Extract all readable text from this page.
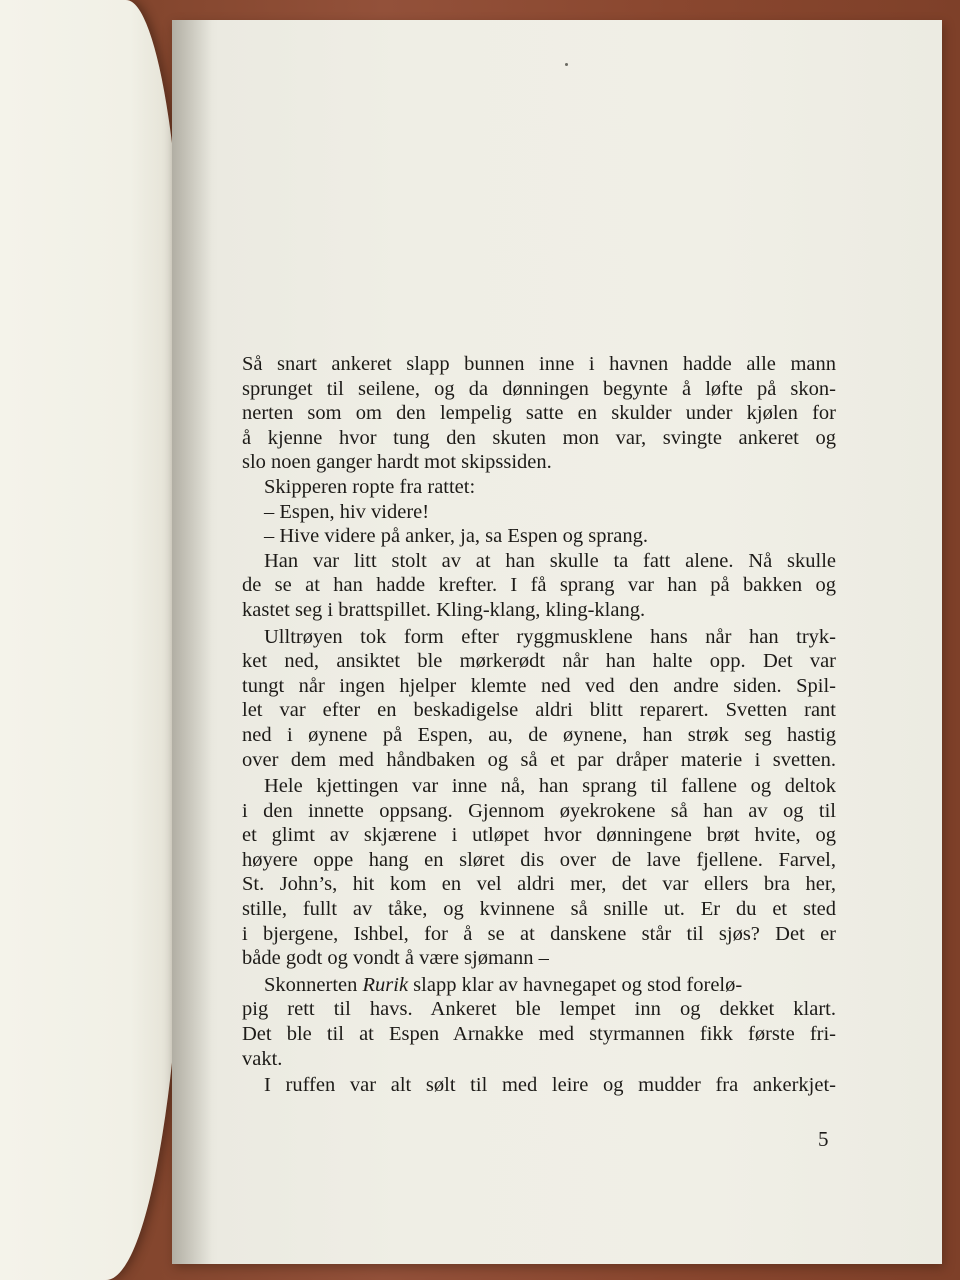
Så snart ankeret slapp bunnen inne i havnen hadde alle mann
sprunget til seilene, og da dønningen begynte å løfte på skon-
nerten som om den lempelig satte en skulder under kjølen for
å kjenne hvor tung den skuten mon var, svingte ankeret og
slo noen ganger hardt mot skipssiden.
Skipperen ropte fra rattet:
– Espen, hiv videre!
– Hive videre på anker, ja, sa Espen og sprang.
Han var litt stolt av at han skulle ta fatt alene. Nå skulle
de se at han hadde krefter. I få sprang var han på bakken og
kastet seg i brattspillet. Kling-klang, kling-klang.
Ulltrøyen tok form efter ryggmusklene hans når han tryk-
ket ned, ansiktet ble mørkerødt når han halte opp. Det var
tungt når ingen hjelper klemte ned ved den andre siden. Spil-
let var efter en beskadigelse aldri blitt reparert. Svetten rant
ned i øynene på Espen, au, de øynene, han strøk seg hastig
over dem med håndbaken og så et par dråper materie i svetten.
Hele kjettingen var inne nå, han sprang til fallene og deltok
i den innette oppsang. Gjennom øyekrokene så han av og til
et glimt av skjærene i utløpet hvor dønningene brøt hvite, og
høyere oppe hang en sløret dis over de lave fjellene. Farvel,
St. John’s, hit kom en vel aldri mer, det var ellers bra her,
stille, fullt av tåke, og kvinnene så snille ut. Er du et sted
i bjergene, Ishbel, for å se at danskene står til sjøs? Det er
både godt og vondt å være sjømann –
Skonnerten Rurik slapp klar av havnegapet og stod forelø-
pig rett til havs. Ankeret ble lempet inn og dekket klart.
Det ble til at Espen Arnakke med styrmannen fikk første fri-
vakt.
I ruffen var alt sølt til med leire og mudder fra ankerkjet-
5
